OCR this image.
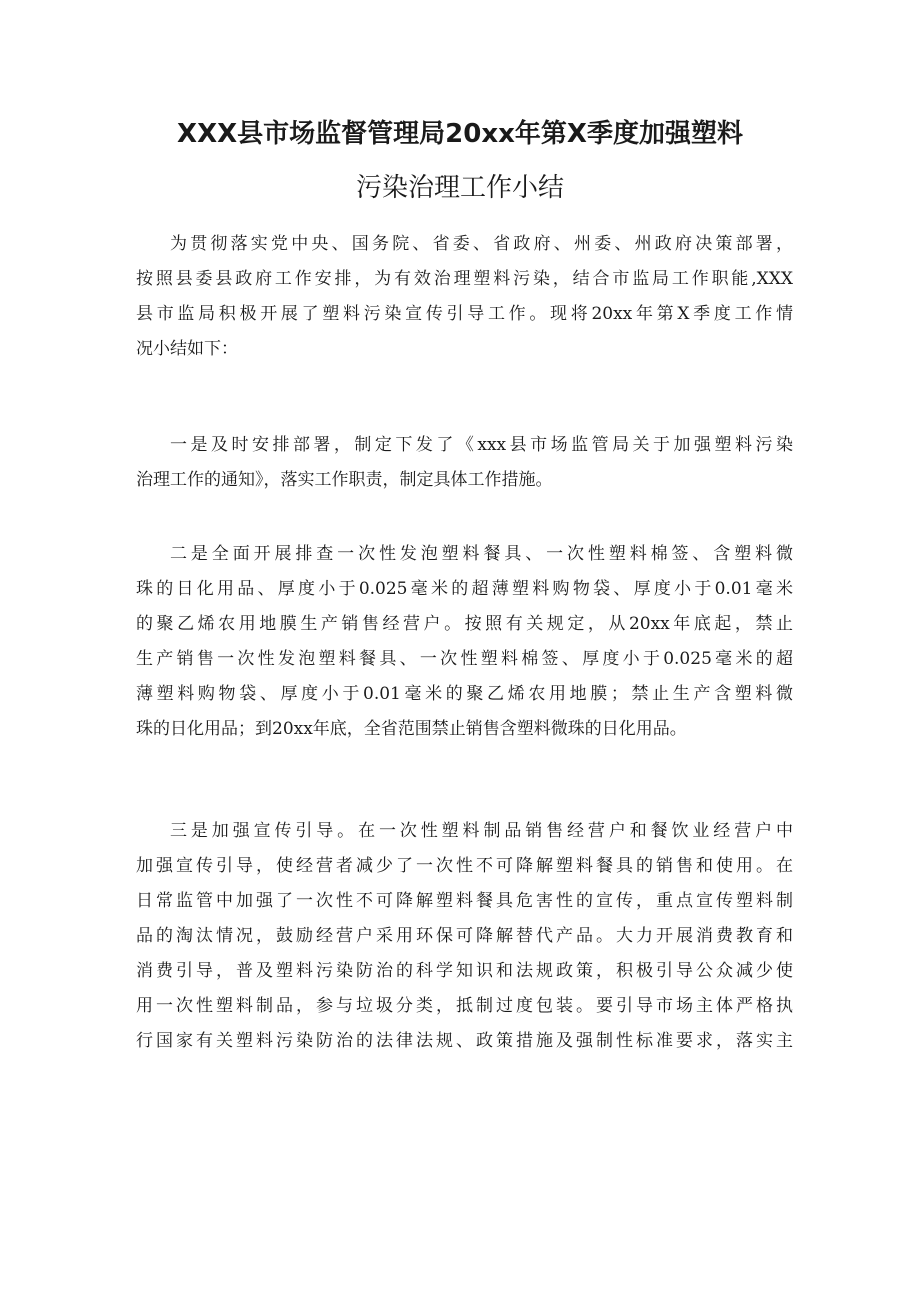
XXX县市场监督管理局20xx年第X季度加强塑料
污染治理工作小结
为贯彻落实党中央、国务院、省委、省政府、州委、州政府决策部署，
按照县委县政府工作安排，为有效治理塑料污染，结合市监局工作职能,XXX
县市监局积极开展了塑料污染宣传引导工作。现将20xx年第X季度工作情
况小结如下：
一是及时安排部署，制定下发了《xxx县市场监管局关于加强塑料污染
治理工作的通知》，落实工作职责，制定具体工作措施。
二是全面开展排查一次性发泡塑料餐具、一次性塑料棉签、含塑料微
珠的日化用品、厚度小于0.025毫米的超薄塑料购物袋、厚度小于0.01毫米
的聚乙烯农用地膜生产销售经营户。按照有关规定，从20xx年底起，禁止
生产销售一次性发泡塑料餐具、一次性塑料棉签、厚度小于0.025毫米的超
薄塑料购物袋、厚度小于0.01毫米的聚乙烯农用地膜；禁止生产含塑料微
珠的日化用品；到20xx年底，全省范围禁止销售含塑料微珠的日化用品。
三是加强宣传引导。在一次性塑料制品销售经营户和餐饮业经营户中
加强宣传引导，使经营者减少了一次性不可降解塑料餐具的销售和使用。在
日常监管中加强了一次性不可降解塑料餐具危害性的宣传，重点宣传塑料制
品的淘汰情况，鼓励经营户采用环保可降解替代产品。大力开展消费教育和
消费引导，普及塑料污染防治的科学知识和法规政策，积极引导公众减少使
用一次性塑料制品，参与垃圾分类，抵制过度包装。要引导市场主体严格执
行国家有关塑料污染防治的法律法规、政策措施及强制性标准要求，落实主
